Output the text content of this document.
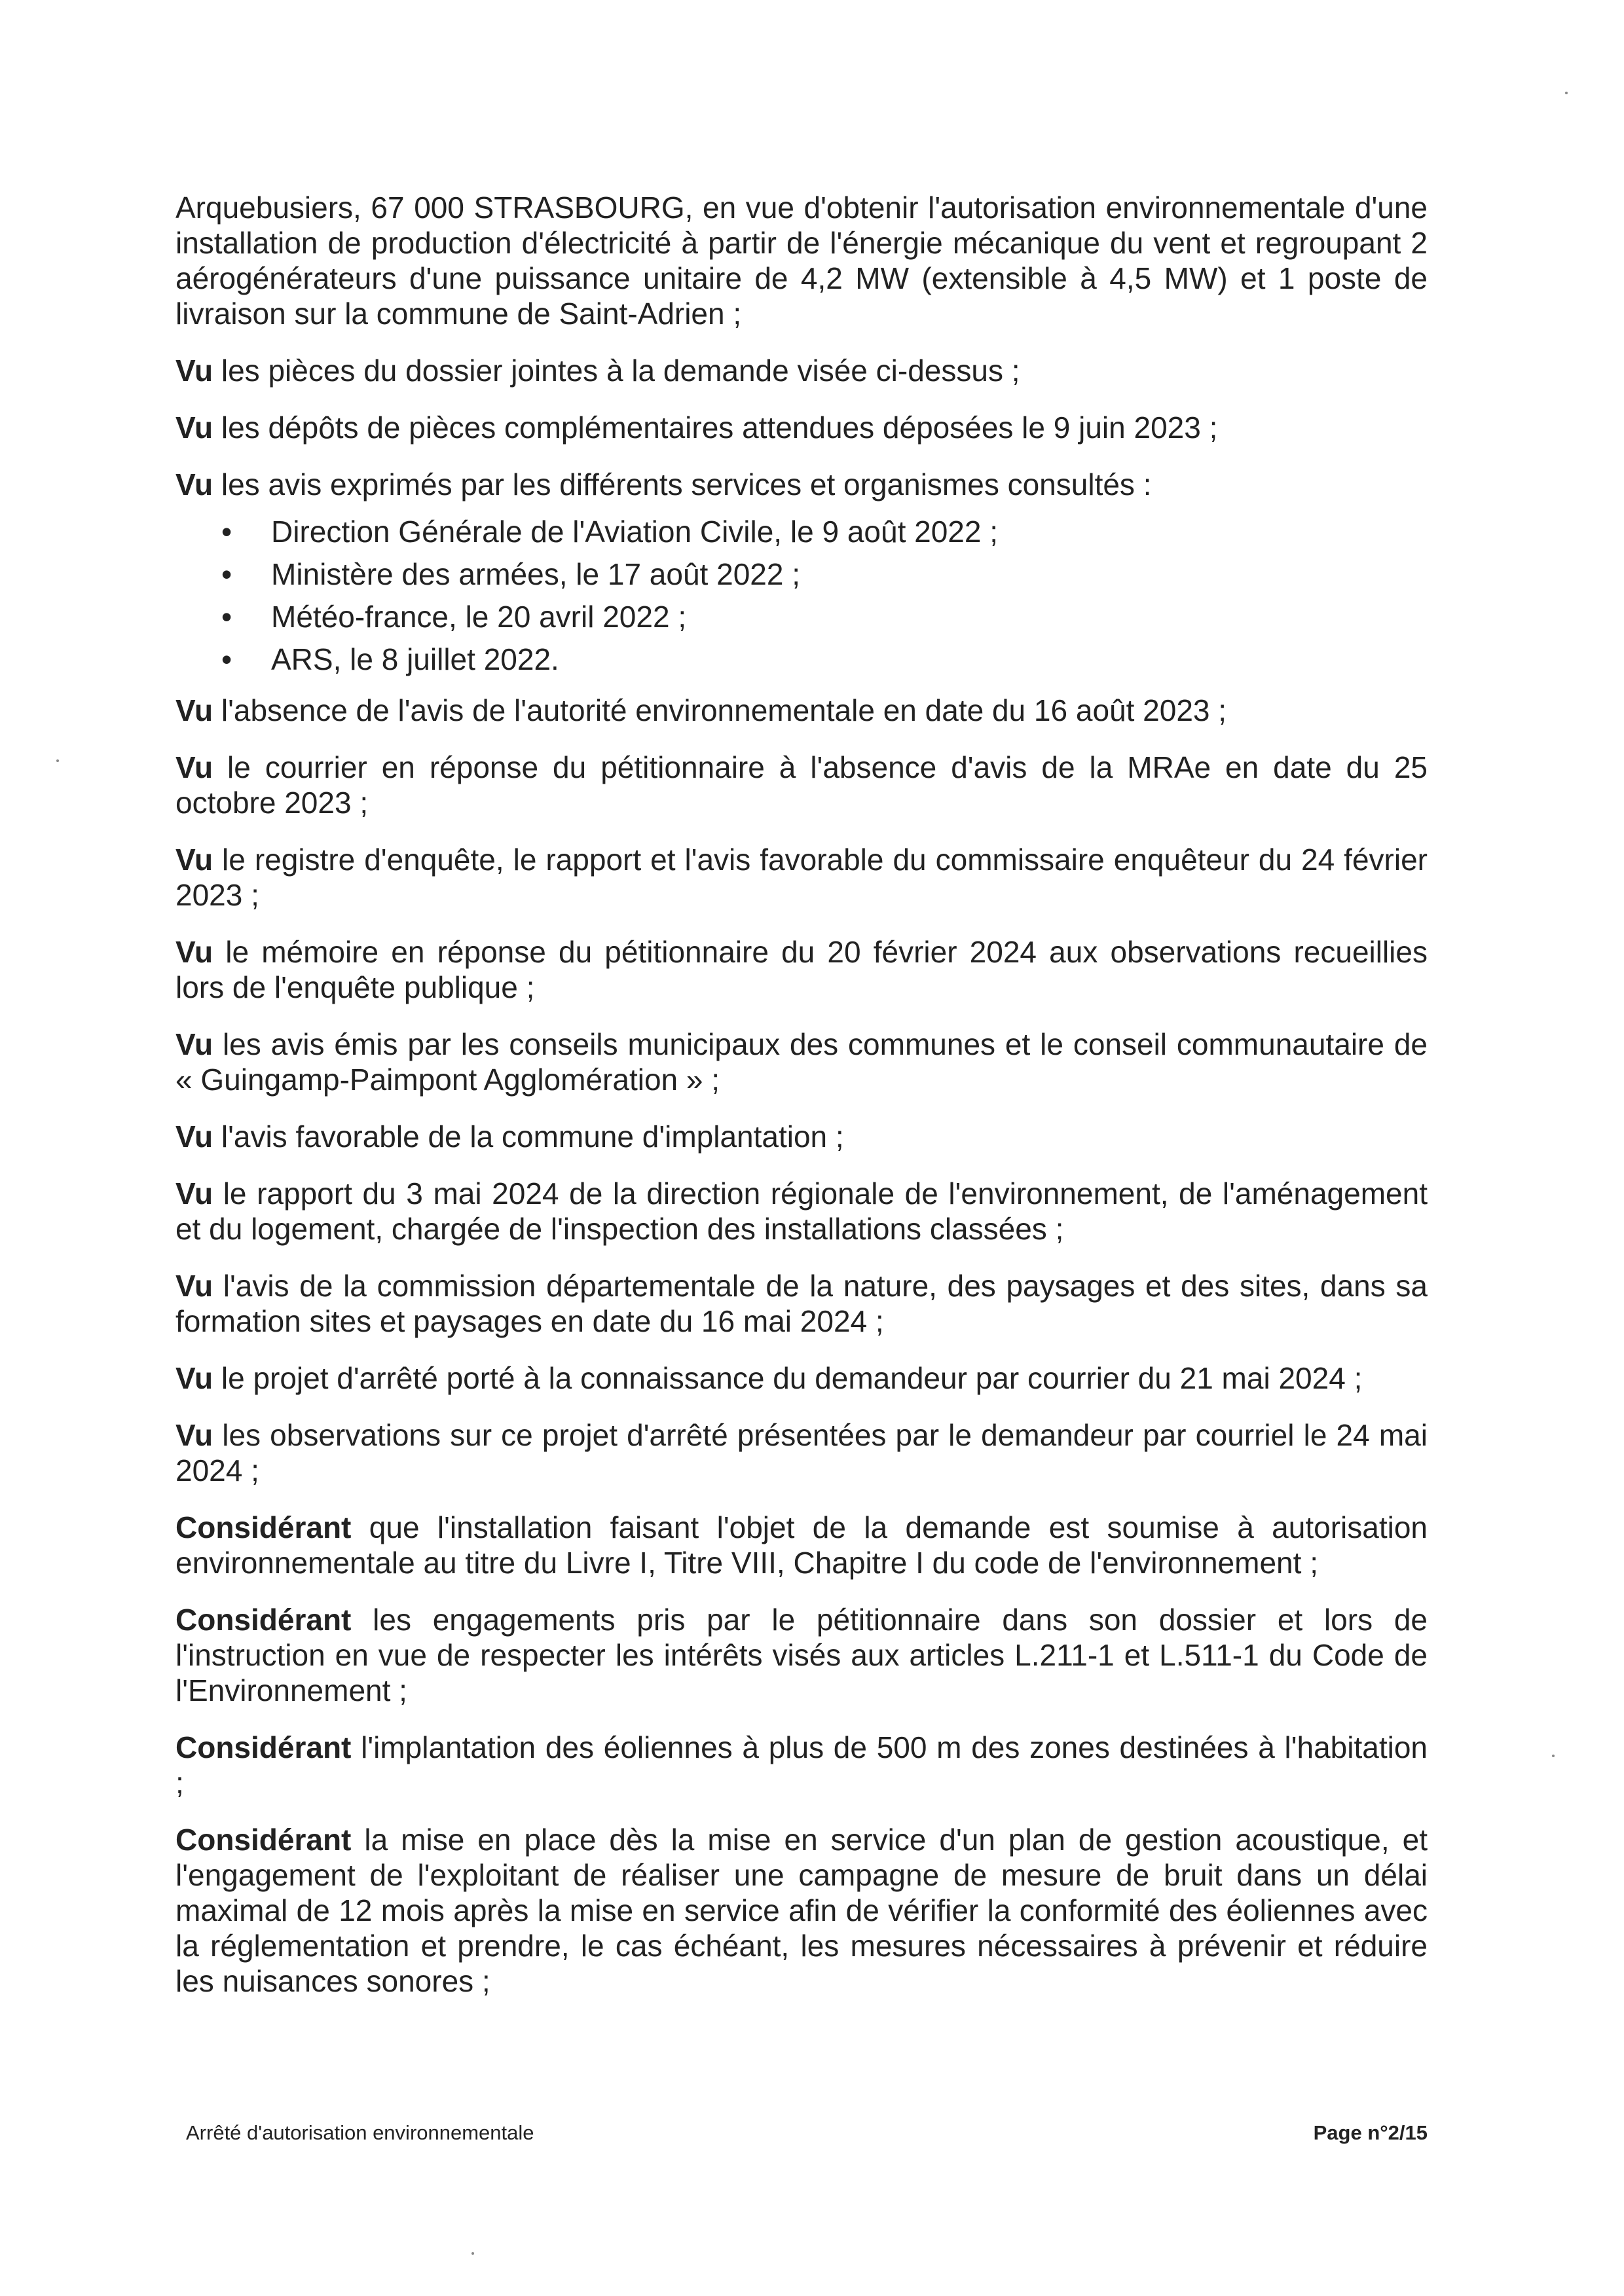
Arquebusiers, 67 000 STRASBOURG, en vue d'obtenir l'autorisation environnementale d'une installation de production d'électricité à partir de l'énergie mécanique du vent et regroupant 2 aérogénérateurs d'une puissance unitaire de 4,2 MW (extensible à 4,5 MW) et 1 poste de livraison sur la commune de Saint-Adrien ;

Vu les pièces du dossier jointes à la demande visée ci-dessus ;

Vu les dépôts de pièces complémentaires attendues déposées le 9 juin 2023 ;

Vu les avis exprimés par les différents services et organismes consultés :

• Direction Générale de l'Aviation Civile, le 9 août 2022 ;
• Ministère des armées, le 17 août 2022 ;
• Météo-france, le 20 avril 2022 ;
• ARS, le 8 juillet 2022.

Vu l'absence de l'avis de l'autorité environnementale en date du 16 août 2023 ;

Vu le courrier en réponse du pétitionnaire à l'absence d'avis de la MRAe en date du 25 octobre 2023 ;

Vu le registre d'enquête, le rapport et l'avis favorable du commissaire enquêteur du 24 février 2023 ;

Vu le mémoire en réponse du pétitionnaire du 20 février 2024 aux observations recueillies lors de l'enquête publique ;

Vu les avis émis par les conseils municipaux des communes et le conseil communautaire de « Guingamp-Paimpont Agglomération » ;

Vu l'avis favorable de la commune d'implantation ;

Vu le rapport du 3 mai 2024 de la direction régionale de l'environnement, de l'aménagement et du logement, chargée de l'inspection des installations classées ;

Vu l'avis de la commission départementale de la nature, des paysages et des sites, dans sa formation sites et paysages en date du 16 mai 2024 ;

Vu le projet d'arrêté porté à la connaissance du demandeur par courrier du 21 mai 2024 ;

Vu les observations sur ce projet d'arrêté présentées par le demandeur par courriel le 24 mai 2024 ;

Considérant que l'installation faisant l'objet de la demande est soumise à autorisation environnementale au titre du Livre I, Titre VIII, Chapitre I du code de l'environnement ;

Considérant les engagements pris par le pétitionnaire dans son dossier et lors de l'instruction en vue de respecter les intérêts visés aux articles L.211-1 et L.511-1 du Code de l'Environnement ;

Considérant l'implantation des éoliennes à plus de 500 m des zones destinées à l'habitation ;

Considérant la mise en place dès la mise en service d'un plan de gestion acoustique, et l'engagement de l'exploitant de réaliser une campagne de mesure de bruit dans un délai maximal de 12 mois après la mise en service afin de vérifier la conformité des éoliennes avec la réglementation et prendre, le cas échéant, les mesures nécessaires à prévenir et réduire les nuisances sonores ;

Arrêté d'autorisation environnementale	Page n°2/15
